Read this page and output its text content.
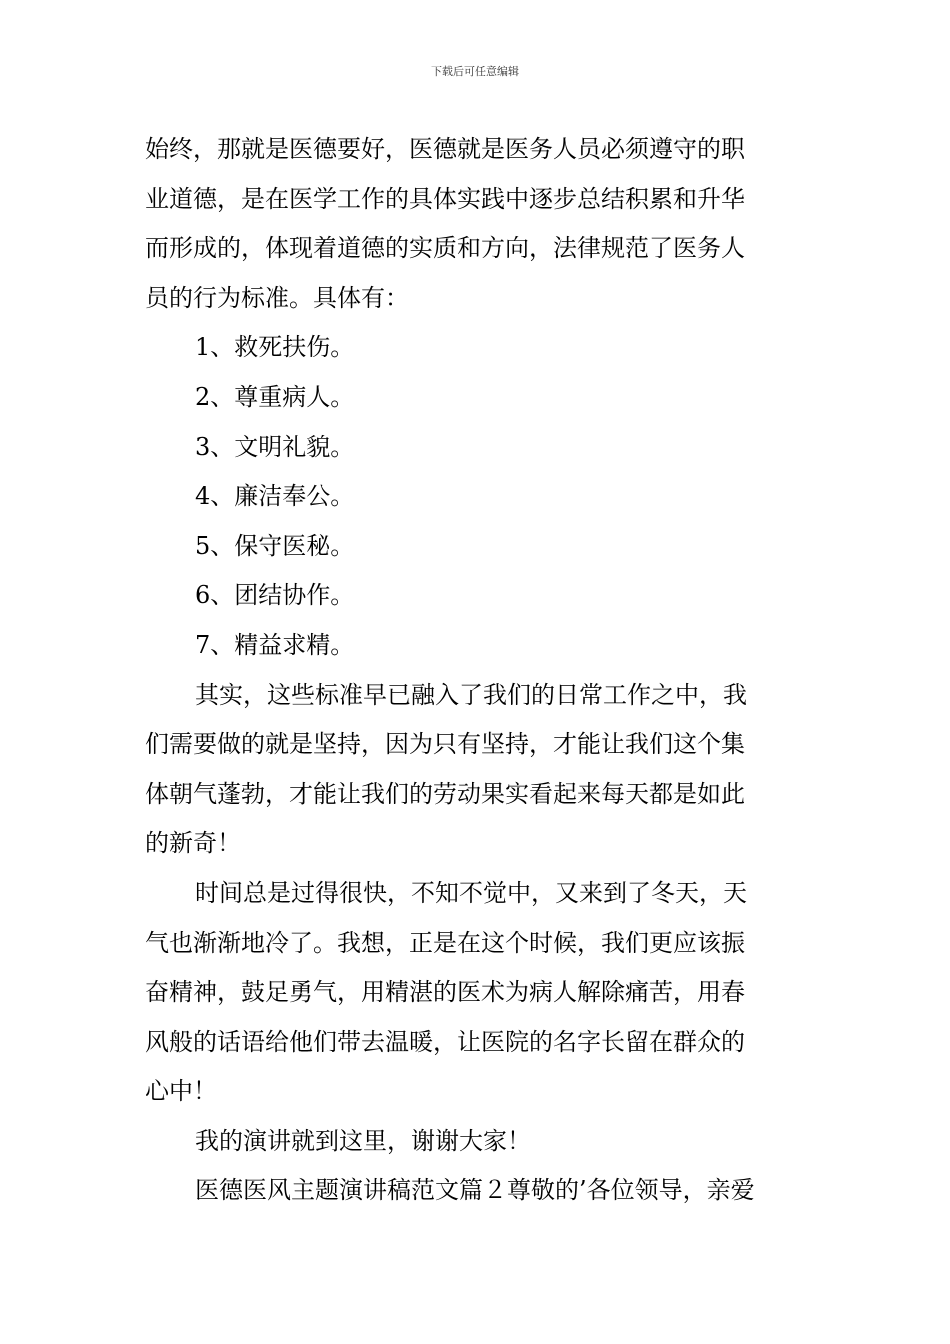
下载后可任意编辑
始终，那就是医德要好，医德就是医务人员必须遵守的职
业道德，是在医学工作的具体实践中逐步总结积累和升华
而形成的，体现着道德的实质和方向，法律规范了医务人
员的行为标准。具体有：
1、救死扶伤。
2、尊重病人。
3、文明礼貌。
4、廉洁奉公。
5、保守医秘。
6、团结协作。
7、精益求精。
其实，这些标准早已融入了我们的日常工作之中，我
们需要做的就是坚持，因为只有坚持，才能让我们这个集
体朝气蓬勃，才能让我们的劳动果实看起来每天都是如此
的新奇！
时间总是过得很快，不知不觉中，又来到了冬天，天
气也渐渐地冷了。我想，正是在这个时候，我们更应该振
奋精神，鼓足勇气，用精湛的医术为病人解除痛苦，用春
风般的话语给他们带去温暖，让医院的名字长留在群众的
心中！
我的演讲就到这里，谢谢大家！
医德医风主题演讲稿范文篇２尊敬的’各位领导，亲爱
